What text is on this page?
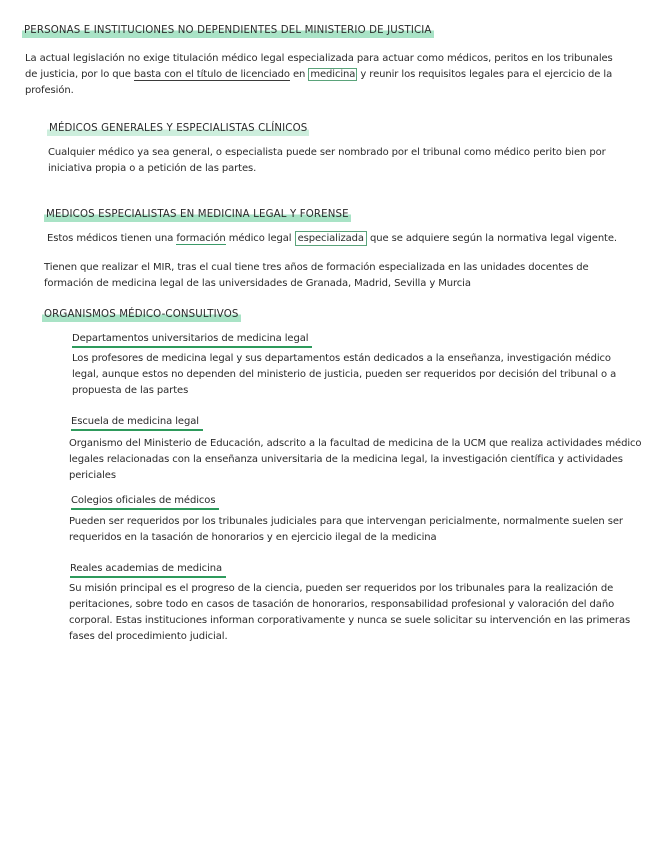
PERSONAS E INSTITUCIONES NO DEPENDIENTES DEL MINISTERIO DE JUSTICIA

La actual legislación no exige titulación médico legal especializada para actuar como médicos, peritos en los tribunales

de justicia, por lo que basta con el título de licenciado en medicina y reunir los requisitos legales para el ejercicio de la

profesión.

MÉDICOS GENERALES Y ESPECIALISTAS CLÍNICOS

Cualquier médico ya sea general, o especialista puede ser nombrado por el tribunal como médico perito bien por

iniciativa propia o a petición de las partes.

MEDICOS ESPECIALISTAS EN MEDICINA LEGAL Y FORENSE

Estos médicos tienen una formación médico legal especializada que se adquiere según la normativa legal vigente.

Tienen que realizar el MIR, tras el cual tiene tres años de formación especializada en las unidades docentes de

formación de medicina legal de las universidades de Granada, Madrid, Sevilla y Murcia

ORGANISMOS MÉDICO-CONSULTIVOS
Departamentos universitarios de medicina legal

Los profesores de medicina legal y sus departamentos están dedicados a la enseñanza, investigación médico

legal, aunque estos no dependen del ministerio de justicia, pueden ser requeridos por decisión del tribunal o a

propuesta de las partes

Escuela de medicina legal

Organismo del Ministerio de Educación, adscrito a la facultad de medicina de la UCM que realiza actividades médico

legales relacionadas con la enseñanza universitaria de la medicina legal, la investigación científica y actividades

periciales

Colegios oficiales de médicos

Pueden ser requeridos por los tribunales judiciales para que intervengan pericialmente, normalmente suelen ser

requeridos en la tasación de honorarios y en ejercicio ilegal de la medicina

Reales academias de medicina

Su misión principal es el progreso de la ciencia, pueden ser requeridos por los tribunales para la realización de

peritaciones, sobre todo en casos de tasación de honorarios, responsabilidad profesional y valoración del daño

corporal. Estas instituciones informan corporativamente y nunca se suele solicitar su intervención en las primeras

fases del procedimiento judicial.
